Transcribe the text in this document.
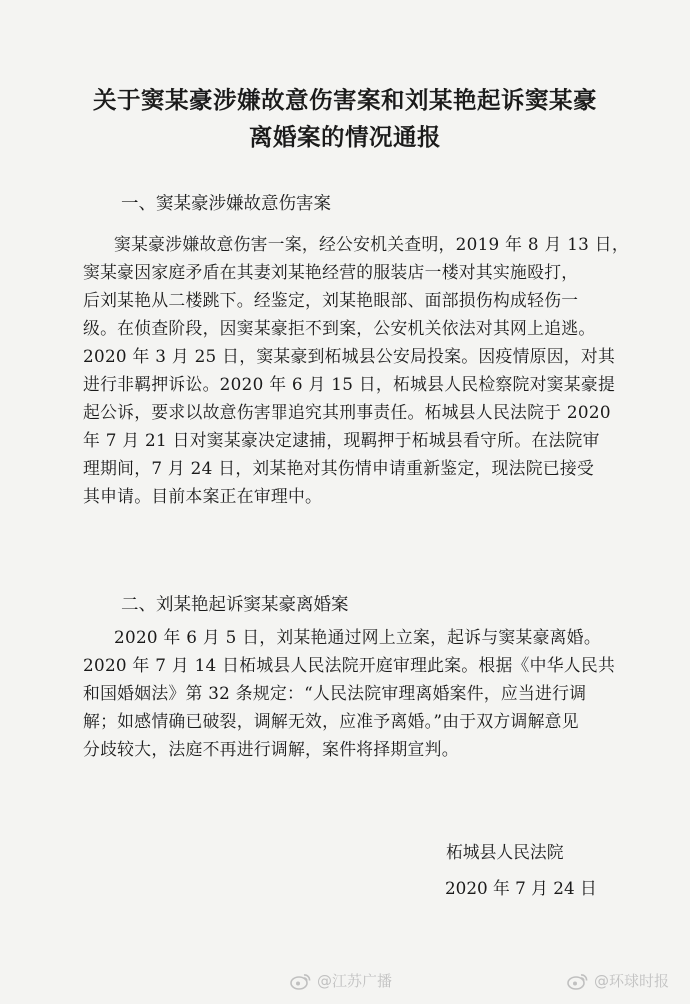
关于窦某豪涉嫌故意伤害案和刘某艳起诉窦某豪
离婚案的情况通报

一、窦某豪涉嫌故意伤害案

窦某豪涉嫌故意伤害一案，经公安机关查明，2019 年 8 月 13 日，
窦某豪因家庭矛盾在其妻刘某艳经营的服装店一楼对其实施殴打，
后刘某艳从二楼跳下。经鉴定，刘某艳眼部、面部损伤构成轻伤一
级。在侦查阶段，因窦某豪拒不到案，公安机关依法对其网上追逃。
2020 年 3 月 25 日，窦某豪到柘城县公安局投案。因疫情原因，对其
进行非羁押诉讼。2020 年 6 月 15 日，柘城县人民检察院对窦某豪提
起公诉，要求以故意伤害罪追究其刑事责任。柘城县人民法院于 2020
年 7 月 21 日对窦某豪决定逮捕，现羁押于柘城县看守所。在法院审
理期间，7 月 24 日，刘某艳对其伤情申请重新鉴定，现法院已接受
其申请。目前本案正在审理中。

二、刘某艳起诉窦某豪离婚案

2020 年 6 月 5 日，刘某艳通过网上立案，起诉与窦某豪离婚。
2020 年 7 月 14 日柘城县人民法院开庭审理此案。根据《中华人民共
和国婚姻法》第 32 条规定：“人民法院审理离婚案件，应当进行调
解；如感情确已破裂，调解无效，应准予离婚。”由于双方调解意见
分歧较大，法庭不再进行调解，案件将择期宣判。

柘城县人民法院

2020 年 7 月 24 日

@江苏广播	@环球时报
